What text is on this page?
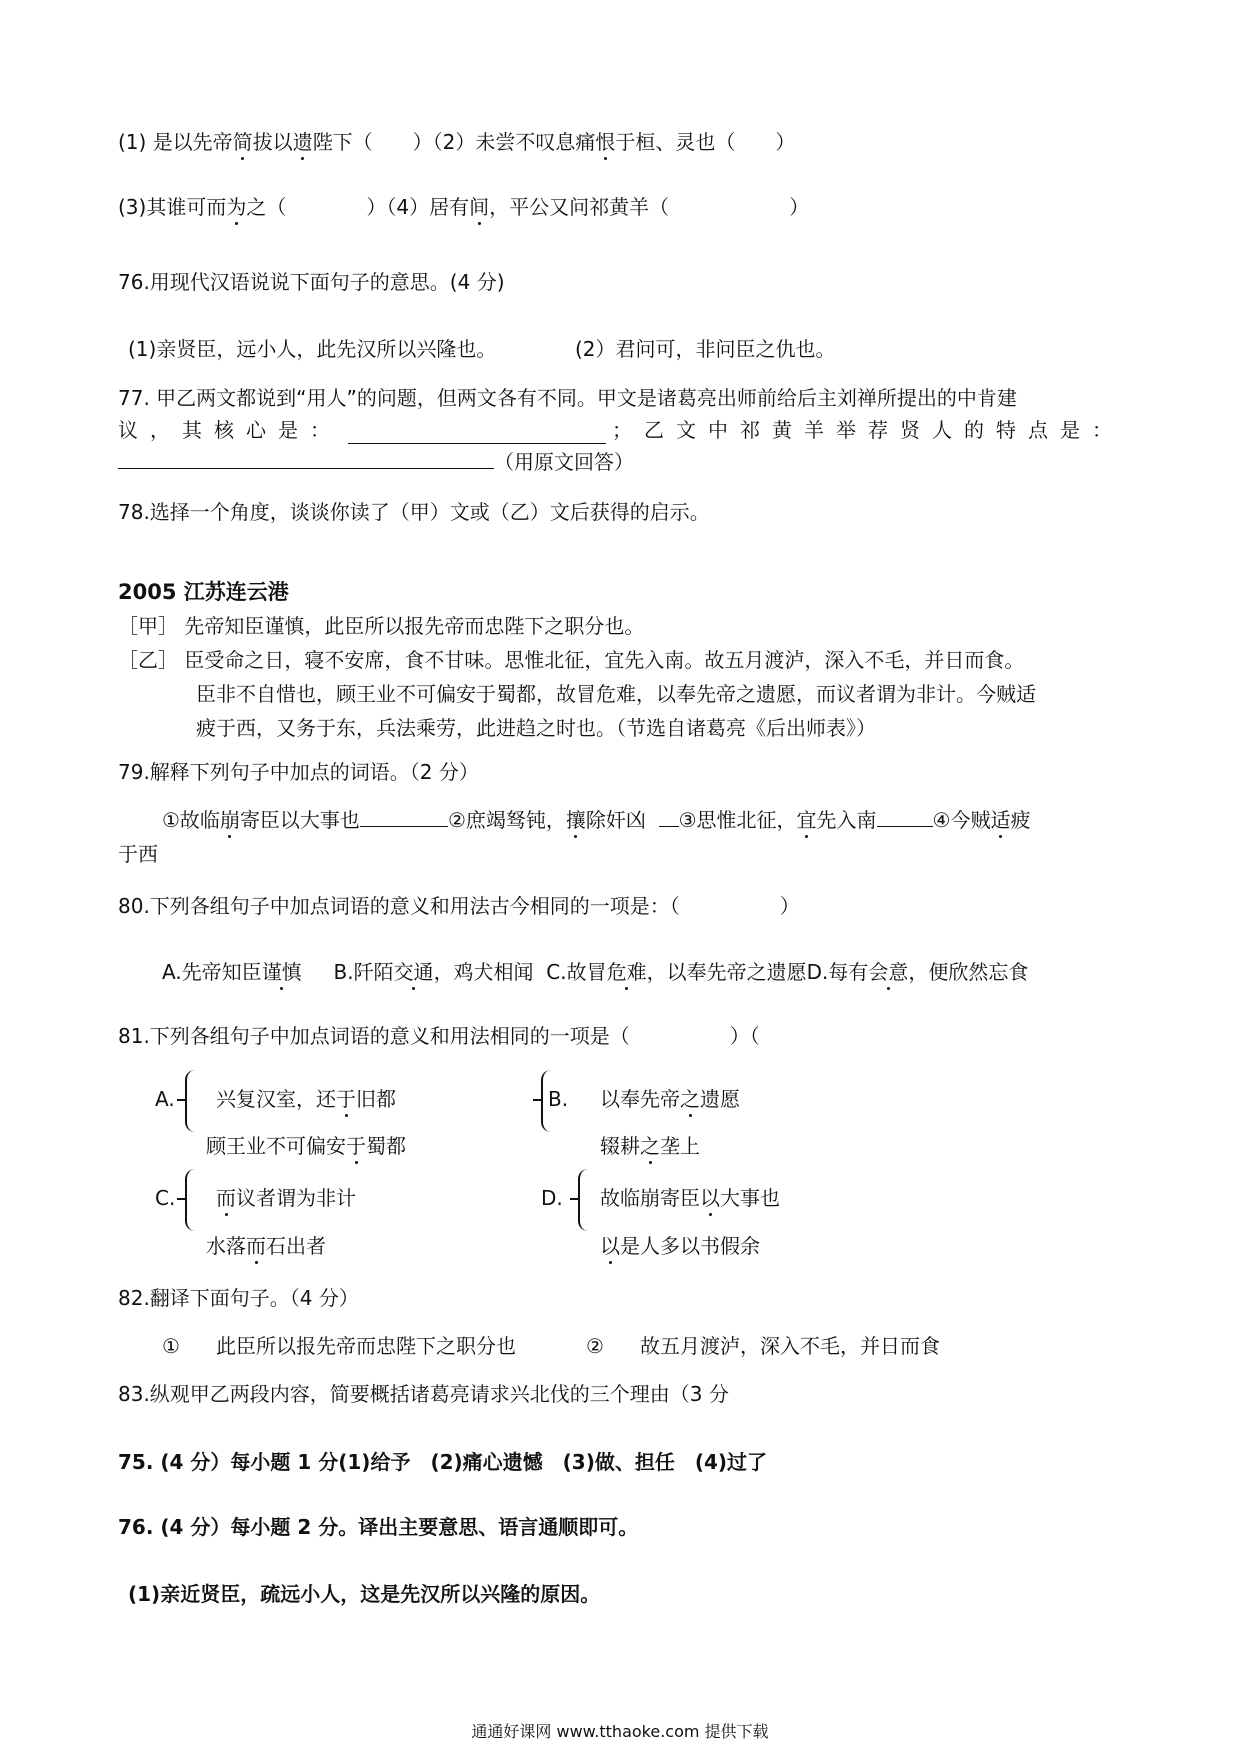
(1) 是以先帝简拔以遗陛下（　　）（2）未尝不叹息痛恨于桓、灵也（　　）
(3)其谁可而为之（　　　　）（4）居有间，平公又问祁黄羊（　　　　　　）
76.用现代汉语说说下面句子的意思。(4 分)
(1)亲贤臣，远小人，此先汉所以兴隆也。	(2）君问可，非问臣之仇也。
77. 甲乙两文都说到“用人”的问题，但两文各有不同。甲文是诸葛亮出师前给后主刘禅所提出的中肯建
议，其核心是：	；乙文中祁黄羊举荐贤人的特点是：
（用原文回答）
78.选择一个角度，谈谈你读了（甲）文或（乙）文后获得的启示。
2005 江苏连云港
［甲］ 先帝知臣谨慎，此臣所以报先帝而忠陛下之职分也。
［乙］ 臣受命之日，寝不安席，食不甘味。思惟北征，宜先入南。故五月渡泸，深入不毛，并日而食。
臣非不自惜也，顾王业不可偏安于蜀都，故冒危难，以奉先帝之遗愿，而议者谓为非计。今贼适
疲于西，又务于东，兵法乘劳，此进趋之时也。（节选自诸葛亮《后出师表》）
79.解释下列句子中加点的词语。（2 分）
①故临崩寄臣以大事也	②庶竭驽钝，攘除奸凶 ③思惟北征，宜先入南	④今贼适疲
于西
80.下列各组句子中加点词语的意义和用法古今相同的一项是：（　　　　　）
A.先帝知臣谨慎 B.阡陌交通，鸡犬相闻 C.故冒危难，以奉先帝之遗愿D.每有会意，便欣然忘食
81.下列各组句子中加点词语的意义和用法相同的一项是（　　　　　）（
A. 兴复汉室，还于旧都
顾王业不可偏安于蜀都
B. 以奉先帝之遗愿
辍耕之垄上
C. 而议者谓为非计
水落而石出者
D. 故临崩寄臣以大事也
以是人多以书假余
82.翻译下面句子。（4 分）
① 此臣所以报先帝而忠陛下之职分也	② 故五月渡泸，深入不毛，并日而食
83.纵观甲乙两段内容，简要概括诸葛亮请求兴北伐的三个理由（3 分
75. (4 分）每小题 1 分(1)给予　(2)痛心遗憾　(3)做、担任　(4)过了
76. (4 分）每小题 2 分。译出主要意思、语言通顺即可。
(1)亲近贤臣，疏远小人，这是先汉所以兴隆的原因。
通通好课网 www.tthaoke.com 提供下载
